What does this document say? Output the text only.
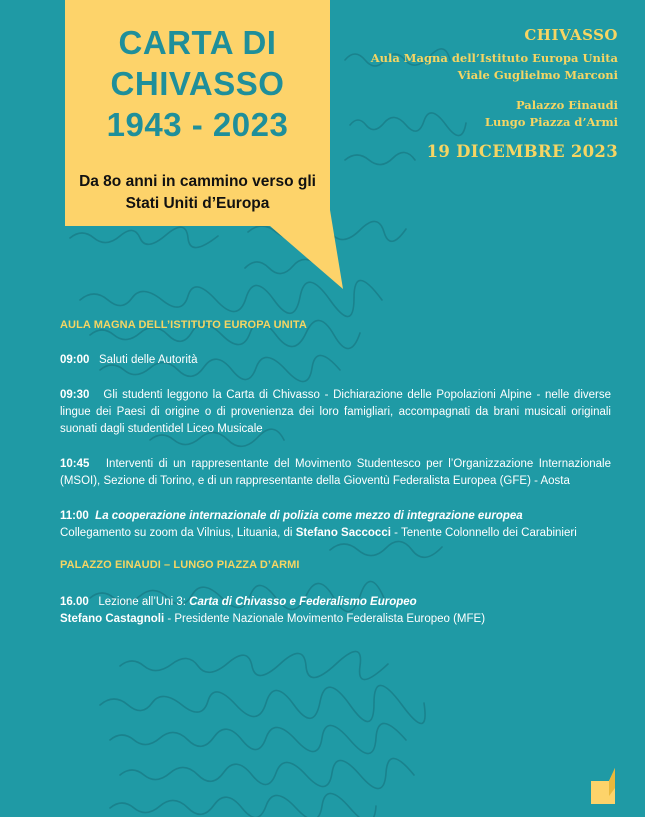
CARTA DI
CHIVASSO
1943 - 2023
Da 8o anni in cammino verso gli
Stati Uniti d’Europa
CHIVASSO
Aula Magna dell’Istituto Europa Unita
Viale Guglielmo Marconi
Palazzo Einaudi
Lungo Piazza d’Armi
19 DICEMBRE 2023
AULA MAGNA DELL’ISTITUTO EUROPA UNITA
09:00 Saluti delle Autorità
09:30 Gli studenti leggono la Carta di Chivasso - Dichiarazione delle Popolazioni Alpine - nelle diverse lingue dei Paesi di origine o di provenienza dei loro famigliari, accompagnati da brani musicali originali suonati dagli studentidel Liceo Musicale
10:45 Interventi di un rappresentante del Movimento Studentesco per l’Organizzazione Internazionale (MSOI), Sezione di Torino, e di un rappresentante della Gioventù Federalista Europea (GFE) - Aosta
11:00 La cooperazione internazionale di polizia come mezzo di integrazione europea
Collegamento su zoom da Vilnius, Lituania, di Stefano Saccocci - Tenente Colonnello dei Carabinieri
PALAZZO EINAUDI – LUNGO PIAZZA D’ARMI
16.00 Lezione all’Uni 3: Carta di Chivasso e Federalismo Europeo
Stefano Castagnoli - Presidente Nazionale Movimento Federalista Europeo (MFE)
